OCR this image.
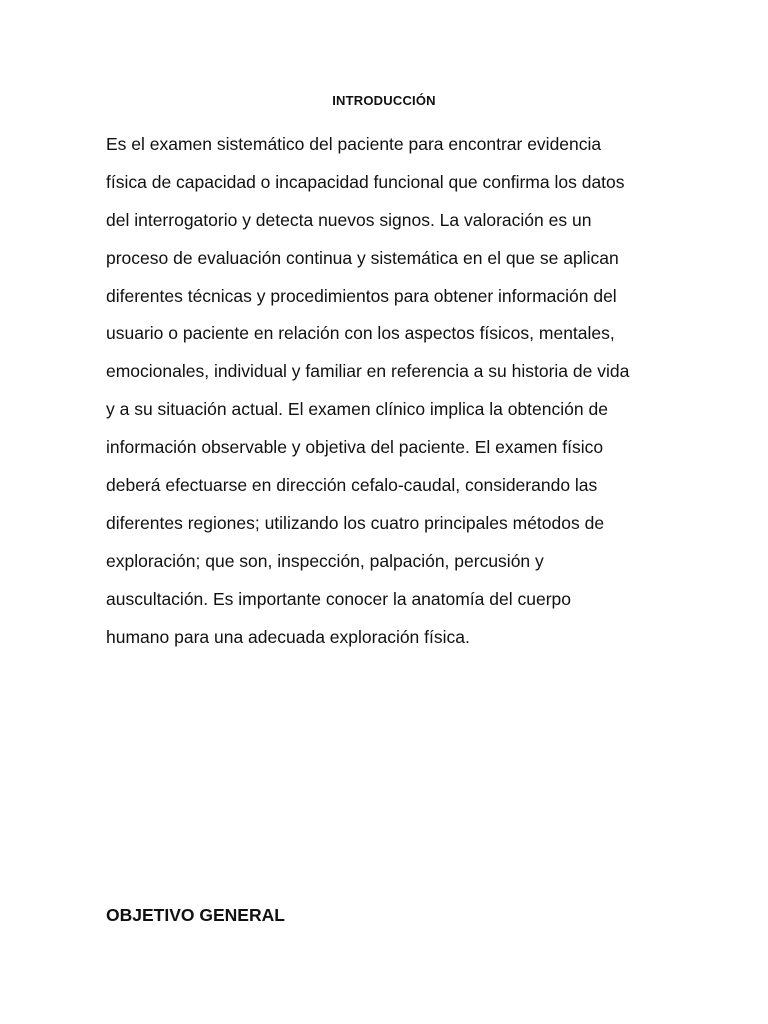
INTRODUCCIÓN
Es el examen sistemático del paciente para encontrar evidencia
física de capacidad o incapacidad funcional que confirma los datos
del interrogatorio y detecta nuevos signos. La valoración es un
proceso de evaluación continua y sistemática en el que se aplican
diferentes técnicas y procedimientos para obtener información del
usuario o paciente en relación con los aspectos físicos, mentales,
emocionales, individual y familiar en referencia a su historia de vida
y a su situación actual. El examen clínico implica la obtención de
información observable y objetiva del paciente. El examen físico
deberá efectuarse en dirección cefalo-caudal, considerando las
diferentes regiones; utilizando los cuatro principales métodos de
exploración; que son, inspección, palpación, percusión y
auscultación. Es importante conocer la anatomía del cuerpo
humano para una adecuada exploración física.
OBJETIVO GENERAL
